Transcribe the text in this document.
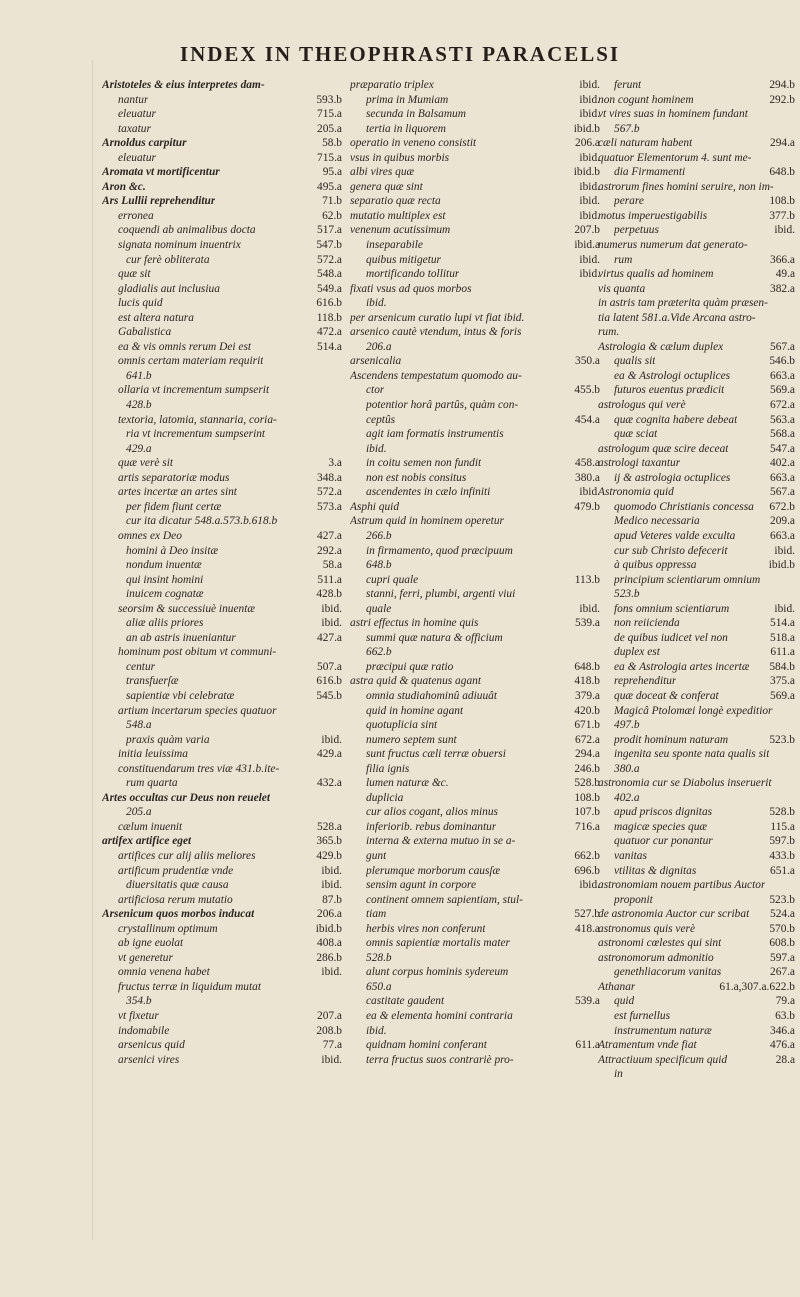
INDEX IN THEOPHRASTI PARACELSI
Aristoteles & eius interpretes dam-
nantur	593.b
eleuatur	715.a
taxatur	205.a
Arnoldus carpitur	58.b
eleuatur	715.a
Aromata vt mortificentur	95.a
Aron &c.	495.a
Ars Lullii reprehenditur	71.b
erronea	62.b
coquendi ab animalibus docta	517.a
signata nominum inuentrix	547.b
cur ferè obliterata	572.a
quæ sit	548.a
gladialis aut inclusiua	549.a
lucis quid	616.b
est altera natura	118.b
Gabalistica	472.a
ea & vis omnis rerum Dei est	514.a
omnis certam materiam requirit
641.b
ollaria vt incrementum sumpserit
428.b
textoria, latomia, stannaria, coria-
ria vt incrementum sumpserint
429.a
quæ verè sit	3.a
artis separatoriæ modus	348.a
artes incertæ an artes sint	572.a
per fidem fiunt certæ	573.a
cur ita dicatur 548.a.573.b.618.b
omnes ex Deo	427.a
homini à Deo insitæ	292.a
nondum inuentæ	58.a
qui insint homini	511.a
inuicem cognatæ	428.b
seorsim & successiuè inuentæ	ibid.
aliæ aliis priores	ibid.
an ab astris inueniantur	427.a
hominum post obitum vt communi-
centur	507.a
transfuerſæ	616.b
sapientiæ vbi celebratæ	545.b
artium incertarum species quatuor
548.a
praxis quàm varia	ibid.
initia leuissima	429.a
constituendarum tres viæ 431.b.ite-
rum quarta	432.a
Artes occultas cur Deus non reuelet
205.a
cælum inuenit	528.a
artifex artifice eget	365.b
artifices cur alij aliis meliores	429.b
artificum prudentiæ vnde	ibid.
diuersitatis quæ causa	ibid.
artificiosa rerum mutatio	87.b
Arsenicum quos morbos inducat	206.a
crystallinum optimum	ibid.b
ab igne euolat	408.a
vt generetur	286.b
omnia venena habet	ibid.
fructus terræ in liquidum mutat
354.b
vt fixetur	207.a
indomabile	208.b
arsenicus quid	77.a
arsenici vires	ibid.
præparatio triplex	ibid.
prima in Mumiam	ibid.
secunda in Balsamum	ibid.
tertia in liquorem	ibid.b
operatio in veneno consistit	206.a
vsus in quibus morbis	ibid.
albi vires quæ	ibid.b
genera quæ sint	ibid.
separatio quæ recta	ibid.
mutatio multiplex est	ibid.
venenum acutissimum	207.b
inseparabile	ibid.a
quibus mitigetur	ibid.
mortificando tollitur	ibid.
fixati vsus ad quos morbos
ibid.
per arsenicum curatio lupi vt fiat ibid.
arsenico cautè vtendum, intus & foris
206.a
arsenicalia	350.a
Ascendens tempestatum quomodo au-
ctor	455.b
potentior horâ partûs, quàm con-
ceptûs	454.a
agit iam formatis instrumentis
ibid.
in coitu semen non fundit	458.a
non est nobis consitus	380.a
ascendentes in cælo infiniti	ibid.
Asphi quid	479.b
Astrum quid in hominem operetur
266.b
in firmamento, quod præcipuum
648.b
cupri quale	113.b
stanni, ferri, plumbi, argenti viui
quale	ibid.
astri effectus in homine quis	539.a
summi quæ natura & officium
662.b
præcipui quæ ratio	648.b
astra quid & quatenus agant	418.b
omnia studiahominû adiuuât	379.a
quid in homine agant	420.b
quotuplicia sint	671.b
numero septem sunt	672.a
sunt fructus cæli terræ obuersi	294.a
filia ignis	246.b
lumen naturæ &c.	528.b
duplicia	108.b
cur alios cogant, alios minus	107.b
inferiorib. rebus dominantur	716.a
interna & externa mutuo in se a-
gunt	662.b
plerumque morborum causſæ	696.b
sensim agunt in corpore	ibid.
continent omnem sapientiam, stul-
tiam	527.b
herbis vires non conferunt	418.a
omnis sapientiæ mortalis mater
528.b
alunt corpus hominis sydereum
650.a
castitate gaudent	539.a
ea & elementa homini contraria
ibid.
quidnam homini conferant	611.a
terra fructus suos contrariè pro-
ferunt	294.b
non cogunt hominem	292.b
vt vires suas in hominem fundant
567.b
cæli naturam habent	294.a
quatuor Elementorum 4. sunt me-
dia Firmamenti	648.b
astrorum fines homini seruire, non im-
perare	108.b
motus imperuestigabilis	377.b
perpetuus	ibid.
numerus numerum dat generato-
rum	366.a
virtus qualis ad hominem	49.a
vis quanta	382.a
in astris tam præterita quàm præsen-
tia latent 581.a.Vide Arcana astro-
rum.
Astrologia & cælum duplex	567.a
qualis sit	546.b
ea & Astrologi octuplices	663.a
futuros euentus prædicit	569.a
astrologus qui verè	672.a
quæ cognita habere debeat	563.a
quæ sciat	568.a
astrologum quæ scire deceat	547.a
astrologi taxantur	402.a
ij & astrologia octuplices	663.a
Astronomia quid	567.a
quomodo Christianis concessa	672.b
Medico necessaria	209.a
apud Veteres valde exculta	663.a
cur sub Christo defecerit	ibid.
à quibus oppressa	ibid.b
principium scientiarum omnium
523.b
fons omnium scientiarum	ibid.
non reiicienda	514.a
de quibus iudicet vel non	518.a
duplex est	611.a
ea & Astrologia artes incertæ	584.b
reprehenditur	375.a
quæ doceat & conferat	569.a
Magicâ Ptolomæi longè expeditior
497.b
prodit hominum naturam	523.b
ingenita seu sponte nata qualis sit
380.a
astronomia cur se Diabolus inseruerit
402.a
apud priscos dignitas	528.b
magicæ species quæ	115.a
quatuor cur ponantur	597.b
vanitas	433.b
vtilitas & dignitas	651.a
astronomiam nouem partibus Auctor
proponit	523.b
de astronomia Auctor cur scribat	524.a
astronomus quis verè	570.b
astronomi cœlestes qui sint	608.b
astronomorum admonitio	597.a
genethliacorum vanitas	267.a
Athanar	61.a,307.a.622.b
quid	79.a
est furnellus	63.b
instrumentum naturæ	346.a
Atramentum vnde fiat	476.a
Attractiuum specificum quid	28.a
in
